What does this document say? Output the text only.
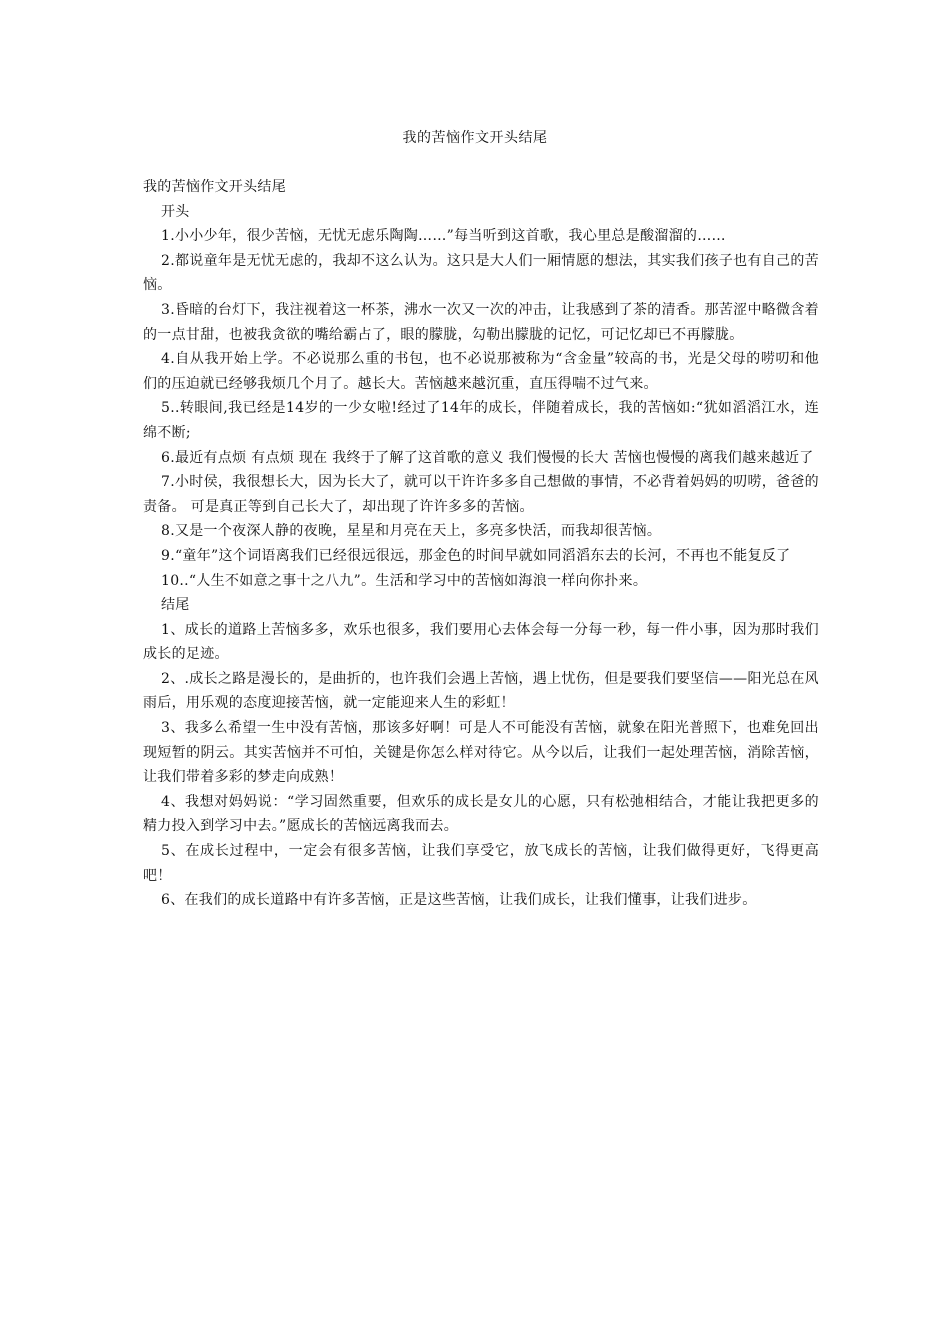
我的苦恼作文开头结尾

我的苦恼作文开头结尾

开头

1.小小少年，很少苦恼，无忧无虑乐陶陶……”每当听到这首歌，我心里总是酸溜溜的……

2.都说童年是无忧无虑的，我却不这么认为。这只是大人们一厢情愿的想法，其实我们孩子也有自己的苦恼。

3.昏暗的台灯下，我注视着这一杯茶，沸水一次又一次的冲击，让我感到了茶的清香。那苦涩中略微含着的一点甘甜，也被我贪欲的嘴给霸占了，眼的朦胧，勾勒出朦胧的记忆，可记忆却已不再朦胧。

4.自从我开始上学。不必说那么重的书包，也不必说那被称为“含金量”较高的书，光是父母的唠叨和他们的压迫就已经够我烦几个月了。越长大。苦恼越来越沉重，直压得喘不过气来。

5..转眼间,我已经是14岁的一少女啦!经过了14年的成长，伴随着成长，我的苦恼如:“犹如滔滔江水，连绵不断;

6.最近有点烦 有点烦 现在 我终于了解了这首歌的意义 我们慢慢的长大 苦恼也慢慢的离我们越来越近了

7.小时侯，我很想长大，因为长大了，就可以干许许多多自己想做的事情，不必背着妈妈的叨唠，爸爸的责备。 可是真正等到自己长大了，却出现了许许多多的苦恼。

8.又是一个夜深人静的夜晚，星星和月亮在天上，多亮多快活，而我却很苦恼。

9.“童年”这个词语离我们已经很远很远，那金色的时间早就如同滔滔东去的长河，不再也不能复反了

10..“人生不如意之事十之八九”。生活和学习中的苦恼如海浪一样向你扑来。

结尾

1、成长的道路上苦恼多多，欢乐也很多，我们要用心去体会每一分每一秒，每一件小事，因为那时我们成长的足迹。

2、.成长之路是漫长的，是曲折的，也许我们会遇上苦恼，遇上忧伤，但是要我们要坚信——阳光总在风雨后，用乐观的态度迎接苦恼，就一定能迎来人生的彩虹！

3、我多么希望一生中没有苦恼，那该多好啊！可是人不可能没有苦恼，就象在阳光普照下，也难免回出现短暂的阴云。其实苦恼并不可怕，关键是你怎么样对待它。从今以后，让我们一起处理苦恼，消除苦恼，让我们带着多彩的梦走向成熟！

4、我想对妈妈说：“学习固然重要，但欢乐的成长是女儿的心愿，只有松弛相结合，才能让我把更多的精力投入到学习中去。”愿成长的苦恼远离我而去。

5、在成长过程中，一定会有很多苦恼，让我们享受它，放飞成长的苦恼，让我们做得更好，飞得更高吧！

6、在我们的成长道路中有许多苦恼，正是这些苦恼，让我们成长，让我们懂事，让我们进步。
